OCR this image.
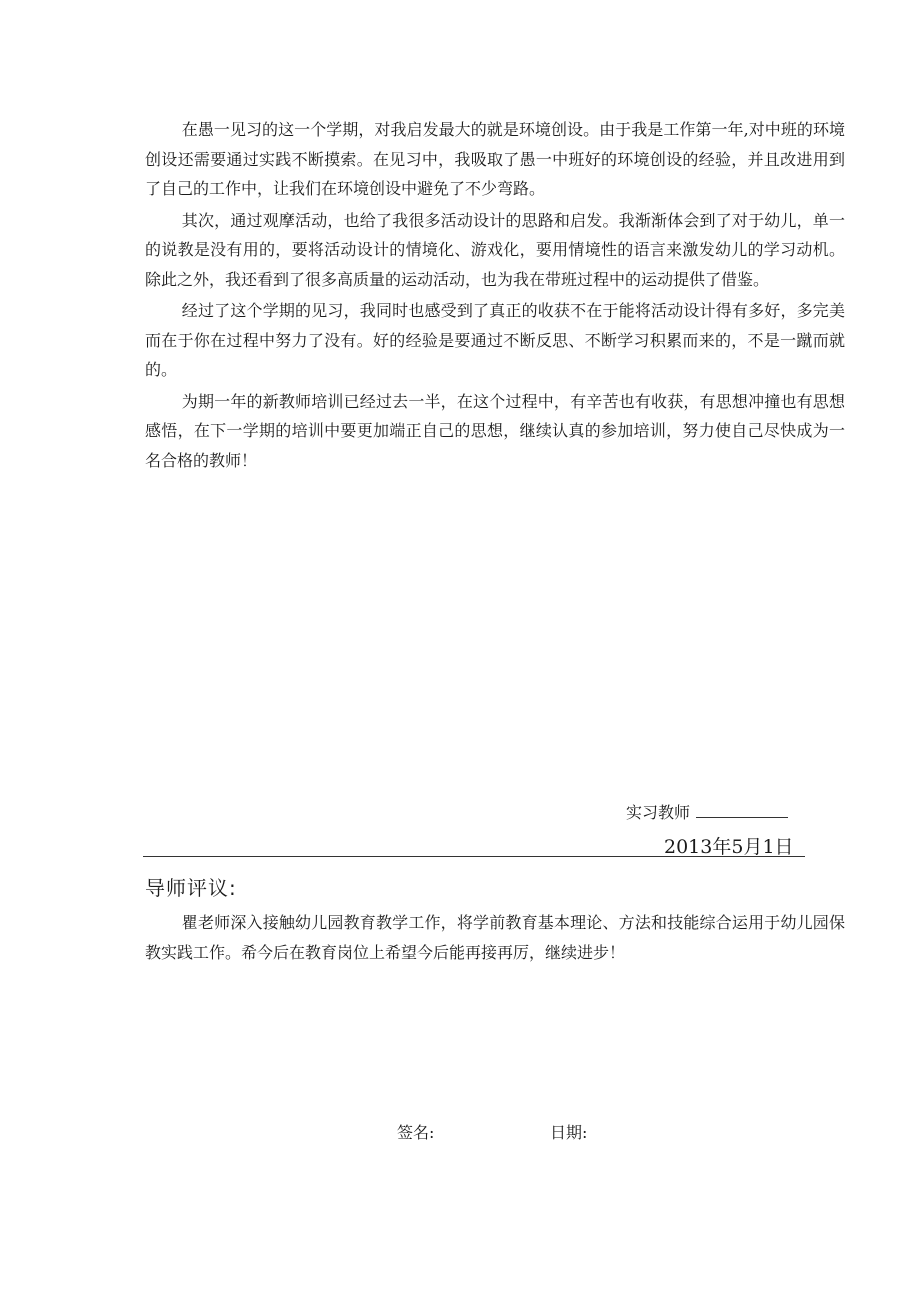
在愚一见习的这一个学期，对我启发最大的就是环境创设。由于我是工作第一年,对中班的环境创设还需要通过实践不断摸索。在见习中，我吸取了愚一中班好的环境创设的经验，并且改进用到了自己的工作中，让我们在环境创设中避免了不少弯路。

其次，通过观摩活动，也给了我很多活动设计的思路和启发。我渐渐体会到了对于幼儿，单一的说教是没有用的，要将活动设计的情境化、游戏化，要用情境性的语言来激发幼儿的学习动机。除此之外，我还看到了很多高质量的运动活动，也为我在带班过程中的运动提供了借鉴。

经过了这个学期的见习，我同时也感受到了真正的收获不在于能将活动设计得有多好，多完美而在于你在过程中努力了没有。好的经验是要通过不断反思、不断学习积累而来的，不是一蹴而就的。

为期一年的新教师培训已经过去一半，在这个过程中，有辛苦也有收获，有思想冲撞也有思想感悟，在下一学期的培训中要更加端正自己的思想，继续认真的参加培训，努力使自己尽快成为一名合格的教师！

实习教师
2013年5月1日
导师评议:

瞿老师深入接触幼儿园教育教学工作，将学前教育基本理论、方法和技能综合运用于幼儿园保教实践工作。希今后在教育岗位上希望今后能再接再厉，继续进步！

签名:	日期:
